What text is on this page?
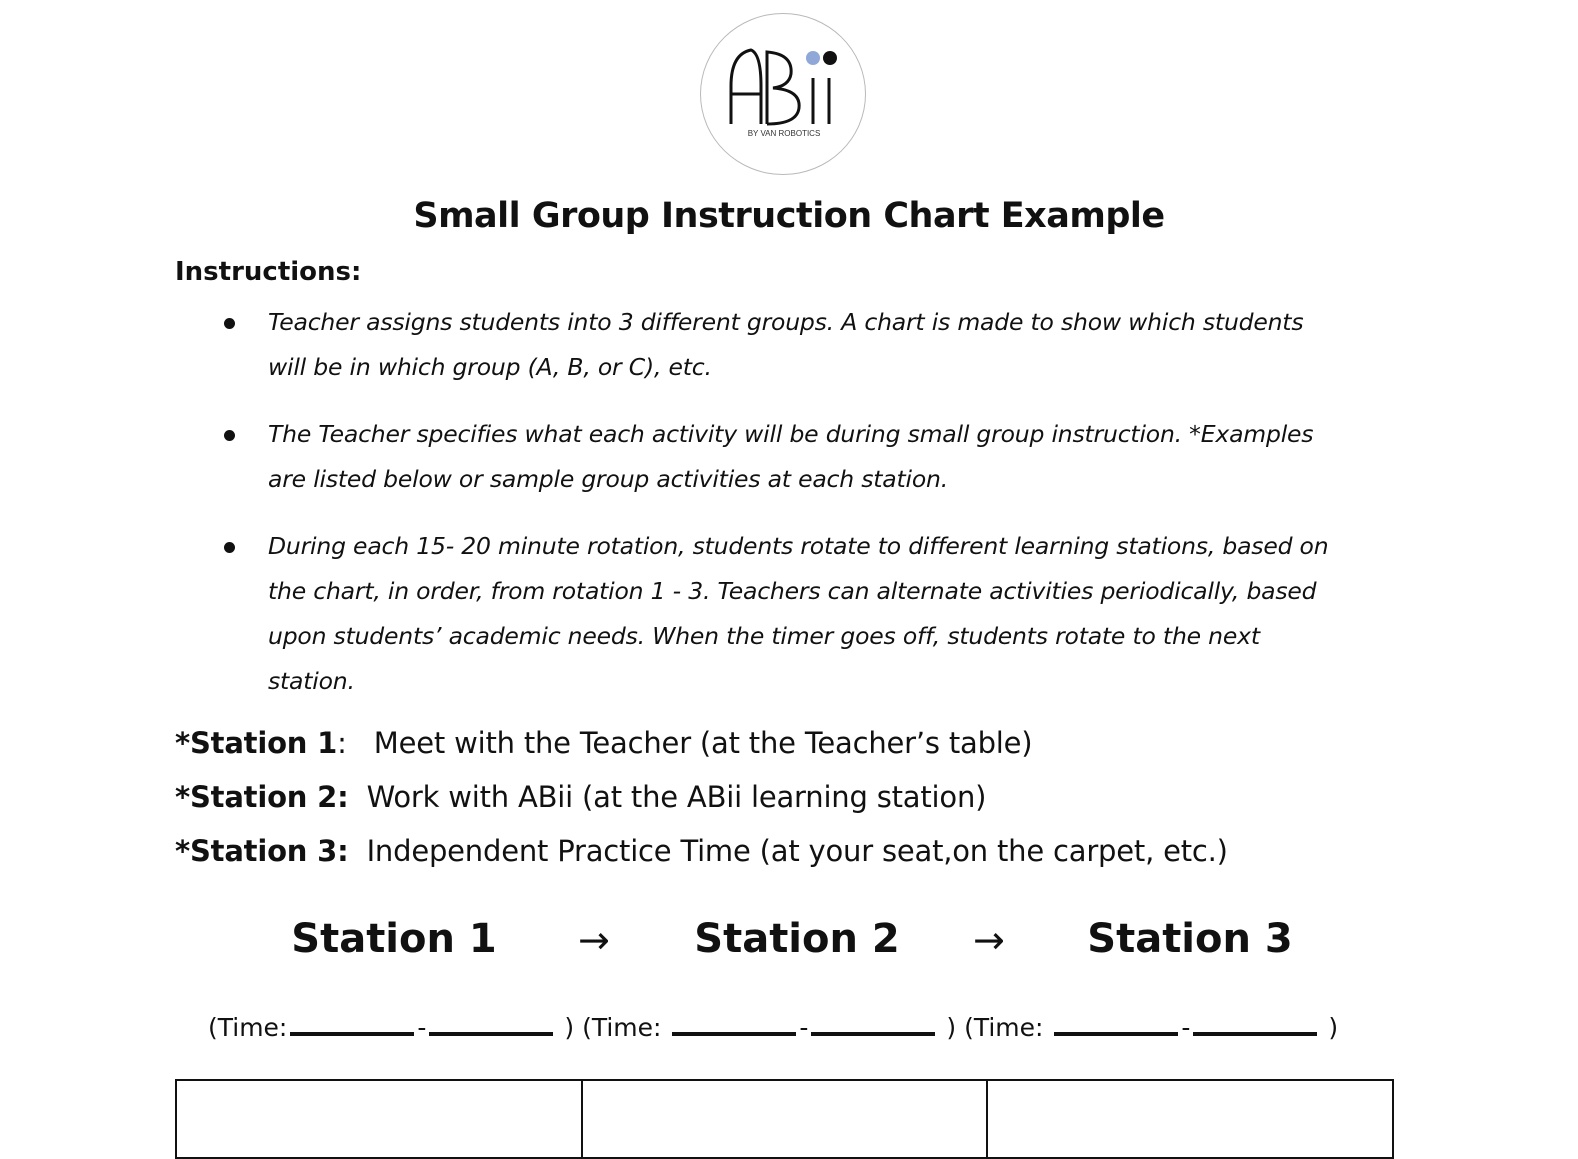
BY VAN ROBOTICS
Small Group Instruction Chart Example
Instructions:
Teacher assigns students into 3 different groups. A chart is made to show which students will be in which group (A, B, or C), etc.
The Teacher specifies what each activity will be during small group instruction. *Examples are listed below or sample group activities at each station.
During each 15- 20 minute rotation, students rotate to different learning stations, based on the chart, in order, from rotation 1 - 3. Teachers can alternate activities periodically, based upon students’ academic needs. When the timer goes off, students rotate to the next station.
*Station 1: Meet with the Teacher (at the Teacher’s table)
*Station 2: Work with ABii (at the ABii learning station)
*Station 3: Independent Practice Time (at your seat,on the carpet, etc.)
Station 1	→	Station 2	→	Station 3
(Time:	-	) (Time:	-	) (Time:	-	)
